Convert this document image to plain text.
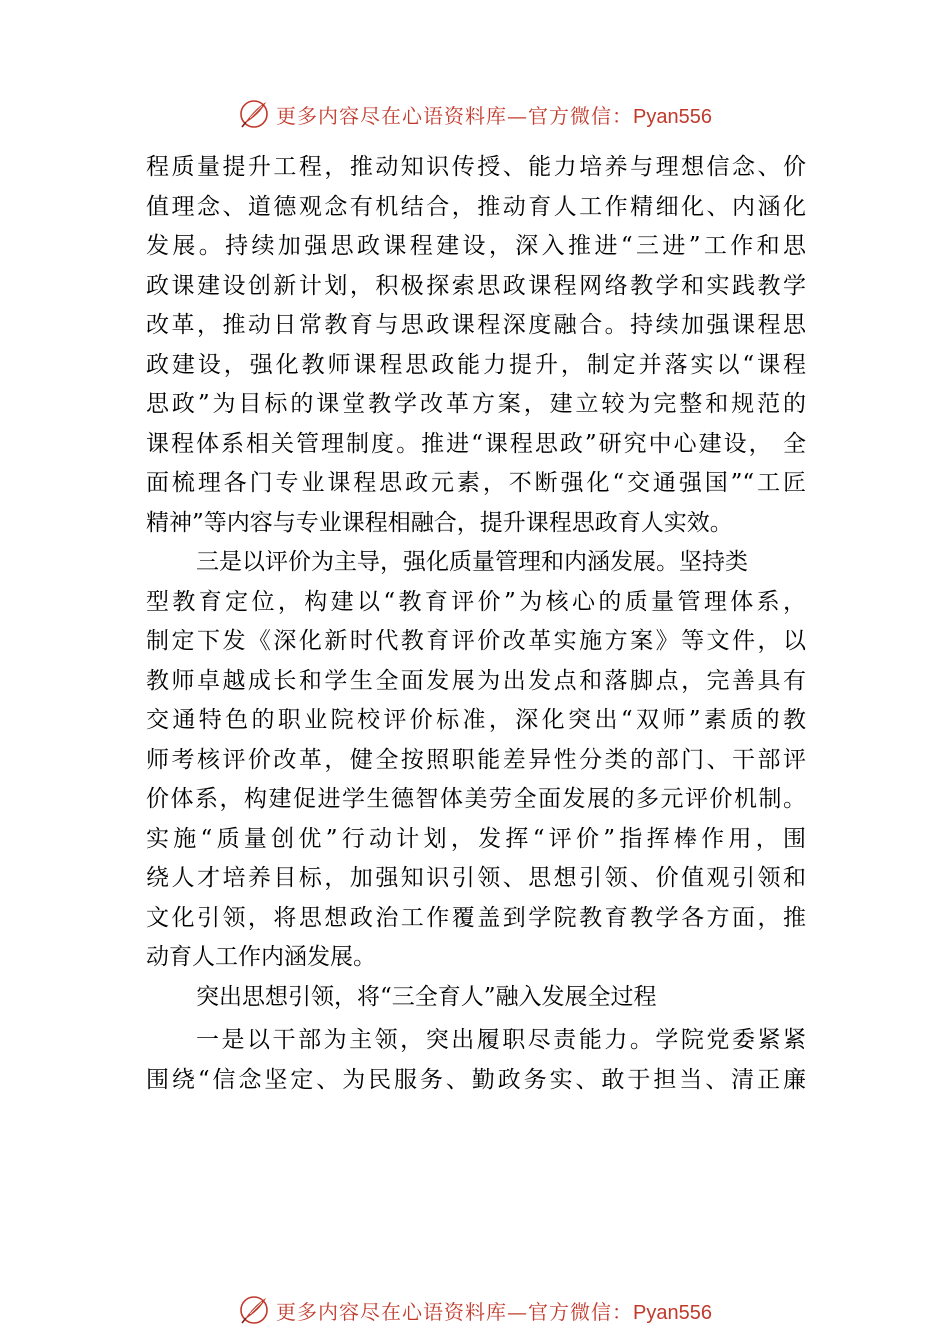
更多内容尽在心语资料库—官方微信：Pyan556
程质量提升工程，推动知识传授、能力培养与理想信念、价
值理念、道德观念有机结合，推动育人工作精细化、内涵化
发展。持续加强思政课程建设，深入推进“三进”工作和思
政课建设创新计划，积极探索思政课程网络教学和实践教学
改革，推动日常教育与思政课程深度融合。持续加强课程思
政建设，强化教师课程思政能力提升，制定并落实以“课程
思政”为目标的课堂教学改革方案，建立较为完整和规范的
课程体系相关管理制度。推进“课程思政”研究中心建设， 全
面梳理各门专业课程思政元素，不断强化“交通强国”“工匠
精神”等内容与专业课程相融合，提升课程思政育人实效。
三是以评价为主导，强化质量管理和内涵发展。坚持类
型教育定位，构建以“教育评价”为核心的质量管理体系，
制定下发《深化新时代教育评价改革实施方案》等文件，以
教师卓越成长和学生全面发展为出发点和落脚点，完善具有
交通特色的职业院校评价标准，深化突出“双师”素质的教
师考核评价改革，健全按照职能差异性分类的部门、干部评
价体系，构建促进学生德智体美劳全面发展的多元评价机制。
实施“质量创优”行动计划，发挥“评价”指挥棒作用，围
绕人才培养目标，加强知识引领、思想引领、价值观引领和
文化引领，将思想政治工作覆盖到学院教育教学各方面，推
动育人工作内涵发展。
突出思想引领，将“三全育人”融入发展全过程
一是以干部为主领，突出履职尽责能力。学院党委紧紧
围绕“信念坚定、为民服务、勤政务实、敢于担当、清正廉
更多内容尽在心语资料库—官方微信：Pyan556
